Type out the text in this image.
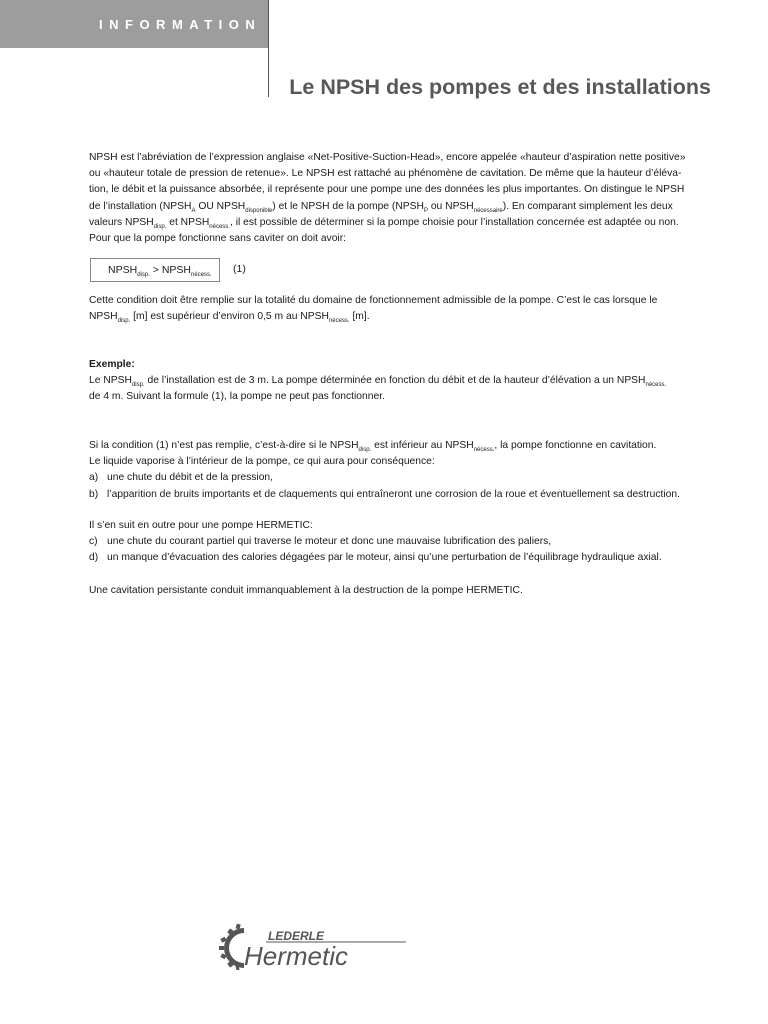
INFORMATION
Le NPSH des pompes et des installations

NPSH est l’abréviation de l’expression anglaise «Net-Positive-Suction-Head», encore appelée «hauteur d’aspiration nette positive»

ou «hauteur totale de pression de retenue». Le NPSH est rattaché au phénomène de cavitation. De même que la hauteur d’éléva-

tion, le débit et la puissance absorbée, il représente pour une pompe une des données les plus importantes. On distingue le NPSH

de l’installation ($NPSH_A$ OU $NPSH_{disponible}$) et le NPSH de la pompe ($NPSH_P$ ou $NPSH_{nécessaire}$). En comparant simplement les deux

valeurs $NPSH_{disp.}$ et $NPSH_{nécess.}$, il est possible de déterminer si la pompe choisie pour l’installation concernée est adaptée ou non.

Pour que la pompe fonctionne sans caviter on doit avoir:

$NPSH_{disp.}$ > $NPSH_{nécess.}$	(1)

Cette condition doit être remplie sur la totalité du domaine de fonctionnement admissible de la pompe. C’est le cas lorsque le

$NPSH_{disp.}$ [m] est supérieur d’environ 0,5 m au $NPSH_{nécess.}$ [m].

Exemple:

Le $NPSH_{disp.}$ de l’installation est de 3 m. La pompe déterminée en fonction du débit et de la hauteur d’élévation a un $NPSH_{nécess.}$

de 4 m. Suivant la formule (1), la pompe ne peut pas fonctionner.

Si la condition (1) n’est pas remplie, c’est-à-dire si le $NPSH_{disp.}$ est inférieur au $NPSH_{nécess.}$, la pompe fonctionne en cavitation.

Le liquide vaporise à l’intérieur de la pompe, ce qui aura pour conséquence:

a) une chute du débit et de la pression,

b) l’apparition de bruits importants et de claquements qui entraîneront une corrosion de la roue et éventuellement sa destruction.

Il s’en suit en outre pour une pompe HERMETIC:

c) une chute du courant partiel qui traverse le moteur et donc une mauvaise lubrification des paliers,

d) un manque d’évacuation des calories dégagées par le moteur, ainsi qu’une perturbation de l’équilibrage hydraulique axial.

Une cavitation persistante conduit immanquablement à la destruction de la pompe HERMETIC.

LEDERLE
Hermetic
